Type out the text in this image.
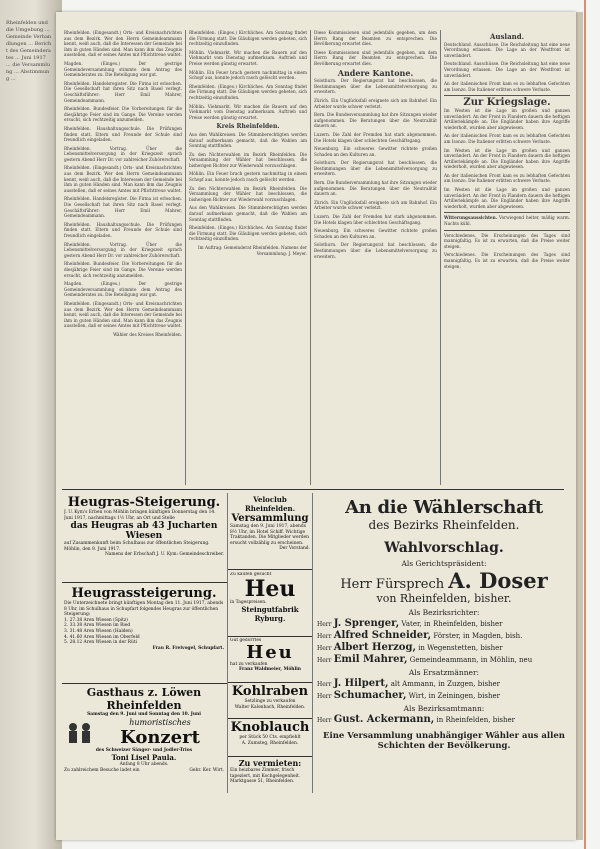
Rheinfelden und die Umgebung ... Gemeinde Verhandlungen ... Bericht des Gemeinderates ... Juni 1917 ... die Versammlung ... Abstimmung ...

Rheinfelden. (Eingesandt.) Orts- und Kreisnachrichten aus dem Bezirk. Wer den Herrn Gemeindeammann kennt, weiß auch, daß die Interessen der Gemeinde bei ihm in guten Händen sind. Man kann ihm das Zeugnis ausstellen, daß er seines Amtes mit Pflichttreue waltet.

Magden. (Einges.) Der gestrige Gemeindeversammlung stimmte dem Antrag des Gemeinderates zu. Die Beteiligung war gut.

Rheinfelden. Handelsregister. Die Firma ist erloschen. Die Gesellschaft hat ihren Sitz nach Basel verlegt. Geschäftsführer: Herr Emil Mahrer, Gemeindeammann.

Rheinfelden. Bundesfeier. Die Vorbereitungen für die diesjährige Feier sind im Gange. Die Vereine werden ersucht, sich rechtzeitig anzumelden.

Rheinfelden. Haushaltungsschule. Die Prüfungen finden statt. Eltern und Freunde der Schule sind freundlich eingeladen.

Rheinfelden. Vortrag. Über die Lebensmittelversorgung in der Kriegszeit sprach gestern Abend Herr Dr. vor zahlreicher Zuhörerschaft.

Rheinfelden. (Eingesandt.) Orts- und Kreisnachrichten aus dem Bezirk. Wer den Herrn Gemeindeammann kennt, weiß auch, daß die Interessen der Gemeinde bei ihm in guten Händen sind. Man kann ihm das Zeugnis ausstellen, daß er seines Amtes mit Pflichttreue waltet.

Rheinfelden. Handelsregister. Die Firma ist erloschen. Die Gesellschaft hat ihren Sitz nach Basel verlegt. Geschäftsführer: Herr Emil Mahrer, Gemeindeammann.

Rheinfelden. Haushaltungsschule. Die Prüfungen finden statt. Eltern und Freunde der Schule sind freundlich eingeladen.

Rheinfelden. Vortrag. Über die Lebensmittelversorgung in der Kriegszeit sprach gestern Abend Herr Dr. vor zahlreicher Zuhörerschaft.

Rheinfelden. Bundesfeier. Die Vorbereitungen für die diesjährige Feier sind im Gange. Die Vereine werden ersucht, sich rechtzeitig anzumelden.

Magden. (Einges.) Der gestrige Gemeindeversammlung stimmte dem Antrag des Gemeinderates zu. Die Beteiligung war gut.

Rheinfelden. (Eingesandt.) Orts- und Kreisnachrichten aus dem Bezirk. Wer den Herrn Gemeindeammann kennt, weiß auch, daß die Interessen der Gemeinde bei ihm in guten Händen sind. Man kann ihm das Zeugnis ausstellen, daß er seines Amtes mit Pflichttreue waltet.

Wähler des Kreises Rheinfelden.

Rheinfelden. (Einges.) Kirchliches. Am Sonntag findet die Firmung statt. Die Gläubigen werden gebeten, sich rechtzeitig einzufinden.

Möhlin. Viehmarkt. Wir machen die Bauern auf den Viehmarkt vom Dienstag aufmerksam. Auftrieb und Preise werden günstig erwartet.

Möhlin. Ein Feuer brach gestern nachmittag in einem Schopf aus, konnte jedoch rasch gelöscht werden.

Rheinfelden. (Einges.) Kirchliches. Am Sonntag findet die Firmung statt. Die Gläubigen werden gebeten, sich rechtzeitig einzufinden.

Möhlin. Viehmarkt. Wir machen die Bauern auf den Viehmarkt vom Dienstag aufmerksam. Auftrieb und Preise werden günstig erwartet.

Kreis Rheinfelden.

Aus den Wahlkreisen. Die Stimmberechtigten werden darauf aufmerksam gemacht, daß die Wahlen am Sonntag stattfinden.

Zu den Nichterwahlen im Bezirk Rheinfelden. Die Versammlung der Wähler hat beschlossen, die bisherigen Richter zur Wiederwahl vorzuschlagen.

Möhlin. Ein Feuer brach gestern nachmittag in einem Schopf aus, konnte jedoch rasch gelöscht werden.

Zu den Nichterwahlen im Bezirk Rheinfelden. Die Versammlung der Wähler hat beschlossen, die bisherigen Richter zur Wiederwahl vorzuschlagen.

Aus den Wahlkreisen. Die Stimmberechtigten werden darauf aufmerksam gemacht, daß die Wahlen am Sonntag stattfinden.

Rheinfelden. (Einges.) Kirchliches. Am Sonntag findet die Firmung statt. Die Gläubigen werden gebeten, sich rechtzeitig einzufinden.

Im Auftrag: Gemeinderat Rheinfelden. Namens der Versammlung: J. Meyer.

Diese Kommissionen sind jedenfalls gegeben, um dem Herrn Rang der Beamten zu entsprechen. Die Bevölkerung erwartet dies.

Diese Kommissionen sind jedenfalls gegeben, um dem Herrn Rang der Beamten zu entsprechen. Die Bevölkerung erwartet dies.

Andere Kantone.

Solothurn. Der Regierungsrat hat beschlossen, die Bestimmungen über die Lebensmittelversorgung zu erweitern.

Zürich. Ein Unglücksfall ereignete sich am Bahnhof. Ein Arbeiter wurde schwer verletzt.

Bern. Die Bundesversammlung hat ihre Sitzungen wieder aufgenommen. Die Beratungen über die Neutralität dauern an.

Luzern. Die Zahl der Fremden hat stark abgenommen. Die Hotels klagen über schlechten Geschäftsgang.

Neuenburg. Ein schweres Gewitter richtete großen Schaden an den Kulturen an.

Solothurn. Der Regierungsrat hat beschlossen, die Bestimmungen über die Lebensmittelversorgung zu erweitern.

Bern. Die Bundesversammlung hat ihre Sitzungen wieder aufgenommen. Die Beratungen über die Neutralität dauern an.

Zürich. Ein Unglücksfall ereignete sich am Bahnhof. Ein Arbeiter wurde schwer verletzt.

Luzern. Die Zahl der Fremden hat stark abgenommen. Die Hotels klagen über schlechten Geschäftsgang.

Neuenburg. Ein schweres Gewitter richtete großen Schaden an den Kulturen an.

Solothurn. Der Regierungsrat hat beschlossen, die Bestimmungen über die Lebensmittelversorgung zu erweitern.

Ausland.

Deutschland. Ausschüsse. Die Reichsleitung hat eine neue Verordnung erlassen. Die Lage an der Westfront ist unverändert.

Deutschland. Ausschüsse. Die Reichsleitung hat eine neue Verordnung erlassen. Die Lage an der Westfront ist unverändert.

An der italienischen Front kam es zu lebhaften Gefechten am Isonzo. Die Italiener erlitten schwere Verluste.

Zur Kriegslage.

Im Westen ist die Lage im großen und ganzen unverändert. An der Front in Flandern dauern die heftigen Artilleriekämpfe an. Die Engländer haben ihre Angriffe wiederholt, wurden aber abgewiesen.

An der italienischen Front kam es zu lebhaften Gefechten am Isonzo. Die Italiener erlitten schwere Verluste.

Im Westen ist die Lage im großen und ganzen unverändert. An der Front in Flandern dauern die heftigen Artilleriekämpfe an. Die Engländer haben ihre Angriffe wiederholt, wurden aber abgewiesen.

An der italienischen Front kam es zu lebhaften Gefechten am Isonzo. Die Italiener erlitten schwere Verluste.

Im Westen ist die Lage im großen und ganzen unverändert. An der Front in Flandern dauern die heftigen Artilleriekämpfe an. Die Engländer haben ihre Angriffe wiederholt, wurden aber abgewiesen.

Witterungsaussichten. Vorwiegend heiter, mäßig warm. Nachts kühl.

Verschiedenes. Die Erscheinungen des Tages sind mannigfaltig. Es ist zu erwarten, daß die Preise weiter steigen.

Verschiedenes. Die Erscheinungen des Tages sind mannigfaltig. Es ist zu erwarten, daß die Preise weiter steigen.

Heugras-Steigerung.
J. U. Kym's Erben von Möhlin bringen künftigen Donnerstag den 14. Juni 1917, nachmittags 1½ Uhr, an Ort und Stelle
das Heugras ab 43 Jucharten Wiesen
auf Zusammenkunft beim Schulhaus zur öffentlichen Steigerung.
Möhlin, den 9. Juni 1917.
Namens der Erbschaft J. U. Kym: Gemeindeschreiber.
Heugrassteigerung.
Die Unterzeichnete bringt künftigen Montag den 11. Juni 1917, abends 8 Uhr, im Schulhaus in Schupfart folgendes Heugras zur öffentlichen Steigerung:
1. 27.38 Aren Wiesen (Spitz)
2. 33.38 Aren Wiesen im Ried
3. 31.48 Aren Wiesen (Halden)
4. 41.60 Aren Wiesen im Oberfeld
5. 28.12 Aren Wiesen in der Rüti
Frau R. Freivogel, Schupfart.
Gasthaus z. Löwen Rheinfelden
Samstag den 9. Juni und Sonntag den 10. Juni
humoristisches
Konzert
des Schweizer Sänger- und Jodler-Trios
Toni Lisel Paula.
Anfang 8 Uhr abends.
Zu zahlreichem Besuche ladet ein	Gebr. Ker. Wirt.
Veloclub Rheinfelden.
Versammlung
Samstag den 9. Juni 1917, abends 8½ Uhr, im Hotel Schiff. Wichtige Traktanden. Die Mitglieder werden ersucht vollzählig zu erscheinen.
Der Vorstand.
Zu kaufen gesucht
Heu
in Tagespreisen.
Steingutfabrik Ryburg.
Gut gedörrtes
Heu
hat zu verkaufen
Franz Waldmeier, Möhlin
Kohlraben
Setzlinge zu verkaufen
Walter Kalenbach, Rheinfelden.
Knoblauch
per Stück 50 Cts. empfiehlt
A. Zumsteg, Rheinfelden.
Zu vermieten:
Ein heizbares Zimmer, frisch tapeziert, mit Kochgelegenheit. Marktgasse 51, Rheinfelden.
An die Wählerschaft
des Bezirks Rheinfelden.
Wahlvorschlag.
Als Gerichtspräsident:
Herr Fürsprech A. Doser
von Rheinfelden, bisher.
Als Bezirksrichter:
Herr J. Sprenger, Vater, in Rheinfelden, bisher
Herr Alfred Schneider, Förster, in Magden, bish.
Herr Albert Herzog, in Wegenstetten, bisher
Herr Emil Mahrer, Gemeindeammann, in Möhlin, neu
Als Ersatzmänner:
Herr J. Hilpert, alt Ammann, in Zuzgen, bisher
Herr Schumacher, Wirt, in Zeiningen, bisher
Als Bezirksamtmann:
Herr Gust. Ackermann, in Rheinfelden, bisher
Eine Versammlung unabhängiger Wähler aus allen Schichten der Bevölkerung.
